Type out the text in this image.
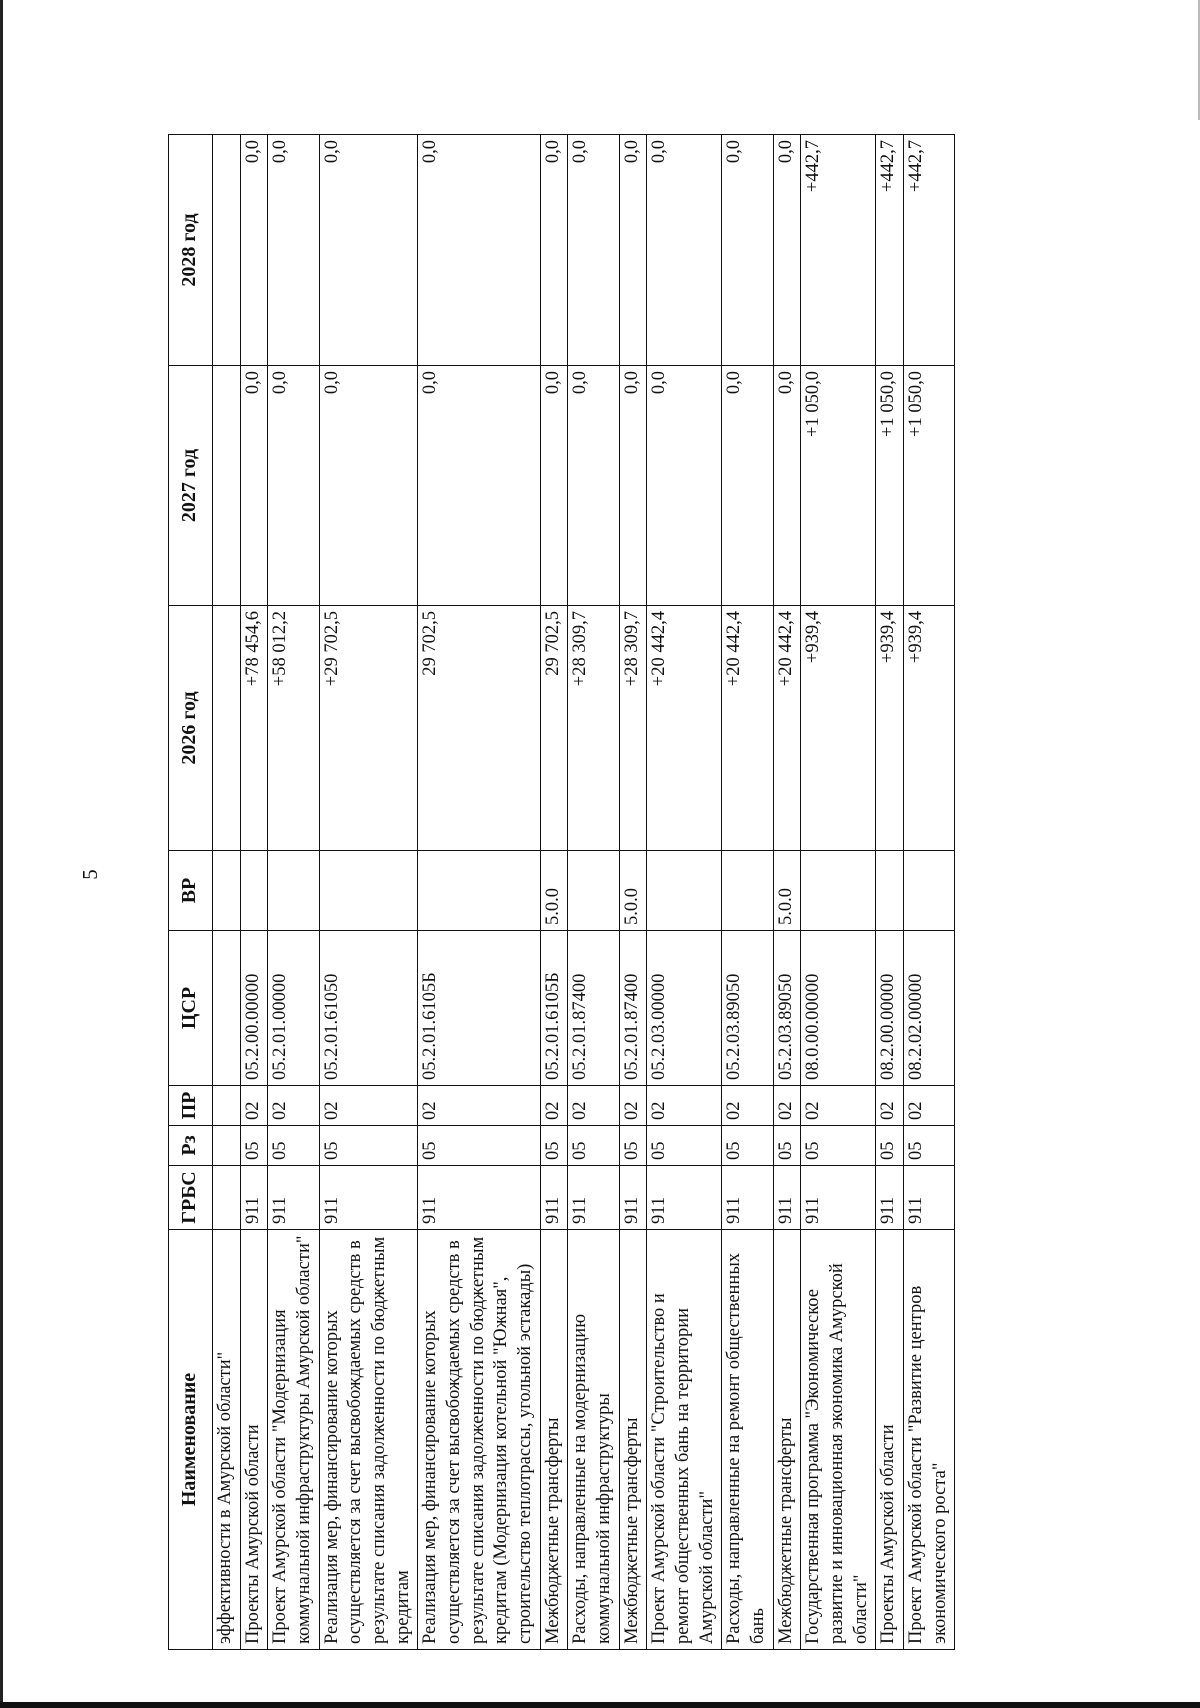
5
Наименование	ГРБС	Рз	ПР	ЦСР	ВР	2026 год	2027 год	2028 год
эффективности в Амурской области"								
Проекты Амурской области	911	05	02	05.2.00.00000		+78 454,6	0,0	0,0
Проект Амурской области "Модернизация коммунальной инфраструктуры Амурской области"	911	05	02	05.2.01.00000		+58 012,2	0,0	0,0
Реализация мер, финансирование которых осуществляется за счет высвобождаемых средств в результате списания задолженности по бюджетным кредитам	911	05	02	05.2.01.61050		+29 702,5	0,0	0,0
Реализация мер, финансирование которых осуществляется за счет высвобождаемых средств в результате списания задолженности по бюджетным кредитам (Модернизация котельной "Южная", строительство теплотрассы, угольной эстакады)	911	05	02	05.2.01.6105Б		29 702,5	0,0	0,0
Межбюджетные трансферты	911	05	02	05.2.01.6105Б	5.0.0	29 702,5	0,0	0,0
Расходы, направленные на модернизацию коммунальной инфраструктуры	911	05	02	05.2.01.87400		+28 309,7	0,0	0,0
Межбюджетные трансферты	911	05	02	05.2.01.87400	5.0.0	+28 309,7	0,0	0,0
Проект Амурской области "Строительство и ремонт общественных бань на территории Амурской области"	911	05	02	05.2.03.00000		+20 442,4	0,0	0,0
Расходы, направленные на ремонт общественных бань	911	05	02	05.2.03.89050		+20 442,4	0,0	0,0
Межбюджетные трансферты	911	05	02	05.2.03.89050	5.0.0	+20 442,4	0,0	0,0
Государственная программа "Экономическое развитие и инновационная экономика Амурской области"	911	05	02	08.0.00.00000		+939,4	+1 050,0	+442,7
Проекты Амурской области	911	05	02	08.2.00.00000		+939,4	+1 050,0	+442,7
Проект Амурской области "Развитие центров экономического роста"	911	05	02	08.2.02.00000		+939,4	+1 050,0	+442,7
